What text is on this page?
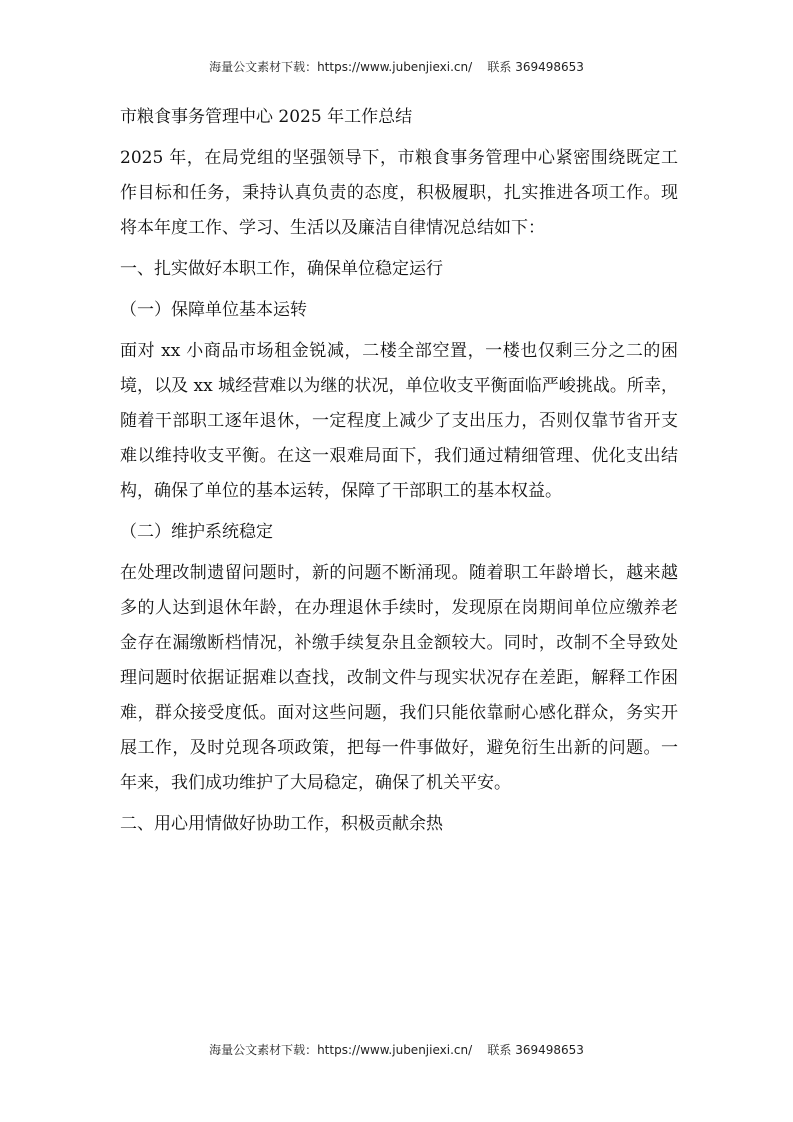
海量公文素材下载：https://www.jubenjiexi.cn/    联系 369498653
市粮食事务管理中心 2025 年工作总结

2025 年，在局党组的坚强领导下，市粮食事务管理中心紧密围绕既定工作目标和任务，秉持认真负责的态度，积极履职，扎实推进各项工作。现将本年度工作、学习、生活以及廉洁自律情况总结如下：

一、扎实做好本职工作，确保单位稳定运行

（一）保障单位基本运转

面对 xx 小商品市场租金锐减，二楼全部空置，一楼也仅剩三分之二的困境，以及 xx 城经营难以为继的状况，单位收支平衡面临严峻挑战。所幸，随着干部职工逐年退休，一定程度上减少了支出压力，否则仅靠节省开支难以维持收支平衡。在这一艰难局面下，我们通过精细管理、优化支出结构，确保了单位的基本运转，保障了干部职工的基本权益。

（二）维护系统稳定

在处理改制遗留问题时，新的问题不断涌现。随着职工年龄增长，越来越多的人达到退休年龄，在办理退休手续时，发现原在岗期间单位应缴养老金存在漏缴断档情况，补缴手续复杂且金额较大。同时，改制不全导致处理问题时依据证据难以查找，改制文件与现实状况存在差距，解释工作困难，群众接受度低。面对这些问题，我们只能依靠耐心感化群众，务实开展工作，及时兑现各项政策，把每一件事做好，避免衍生出新的问题。一年来，我们成功维护了大局稳定，确保了机关平安。

二、用心用情做好协助工作，积极贡献余热

海量公文素材下载：https://www.jubenjiexi.cn/    联系 369498653
